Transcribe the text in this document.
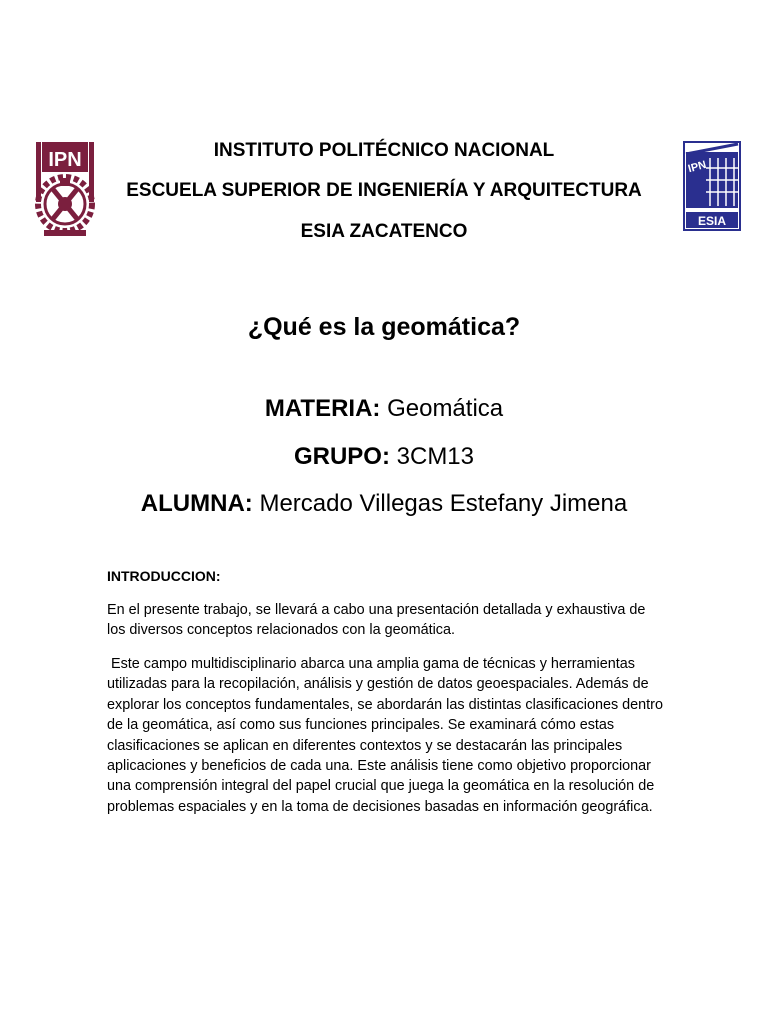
IPN	IPN
ESIA
INSTITUTO POLITÉCNICO NACIONAL
ESCUELA SUPERIOR DE INGENIERÍA Y ARQUITECTURA
ESIA ZACATENCO
¿Qué es la geomática?
MATERIA: Geomática
GRUPO: 3CM13
ALUMNA: Mercado Villegas Estefany Jimena
INTRODUCCION:

En el presente trabajo, se llevará a cabo una presentación detallada y exhaustiva de los diversos conceptos relacionados con la geomática.

Este campo multidisciplinario abarca una amplia gama de técnicas y herramientas utilizadas para la recopilación, análisis y gestión de datos geoespaciales. Además de explorar los conceptos fundamentales, se abordarán las distintas clasificaciones dentro de la geomática, así como sus funciones principales. Se examinará cómo estas clasificaciones se aplican en diferentes contextos y se destacarán las principales aplicaciones y beneficios de cada una. Este análisis tiene como objetivo proporcionar una comprensión integral del papel crucial que juega la geomática en la resolución de problemas espaciales y en la toma de decisiones basadas en información geográfica.
